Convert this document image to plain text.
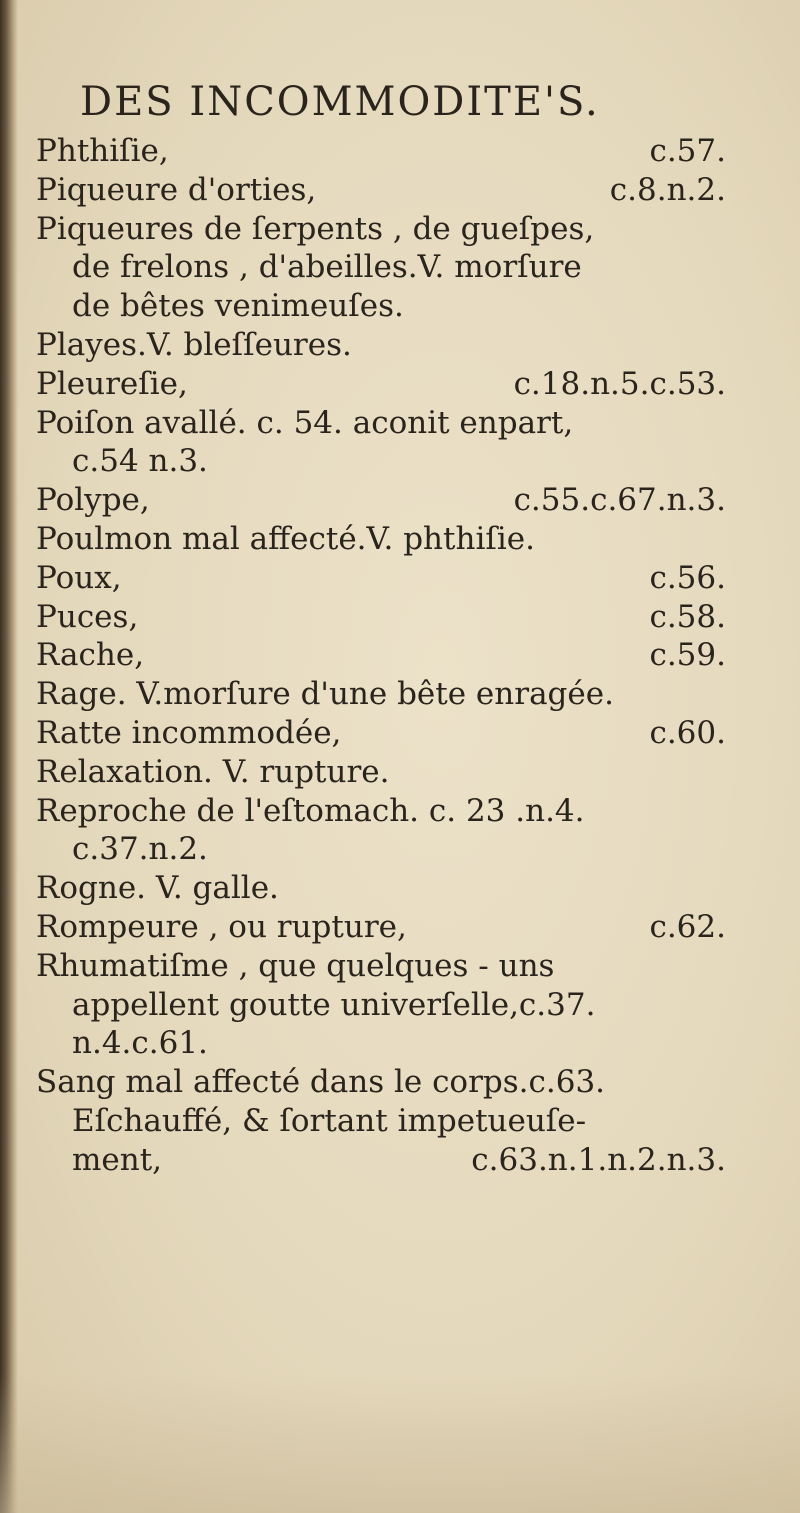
DES INCOMMODITE'S.
Phthiſie,	c.57.
Piqueure d'orties,	c.8.n.2.
Piqueures de ſerpents , de gueſpes,
de frelons , d'abeilles.V. morſure
de bêtes venimeuſes.
Playes.V. bleſſeures.
Pleureſie,	c.18.n.5.c.53.
Poiſon avallé. c. 54. aconit enpart,
c.54 n.3.
Polype,	c.55.c.67.n.3.
Poulmon mal affecté.V. phthiſie.
Poux,	c.56.
Puces,	c.58.
Rache,	c.59.
Rage. V.morſure d'une bête enragée.
Ratte incommodée,	c.60.
Relaxation. V. rupture.
Reproche de l'eſtomach. c. 23 .n.4.
c.37.n.2.
Rogne. V. galle.
Rompeure , ou rupture,	c.62.
Rhumatiſme , que quelques - uns
appellent goutte univerſelle,c.37.
n.4.c.61.
Sang mal affecté dans le corps.c.63.
Eſchauffé, & ſortant impetueuſe-
ment,	c.63.n.1.n.2.n.3.
